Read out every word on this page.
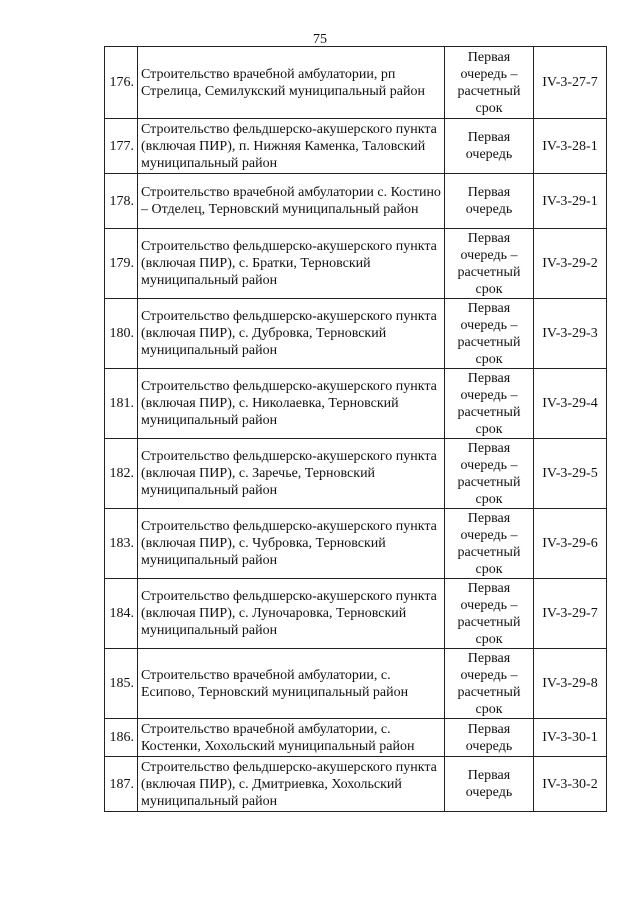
75
176.	Строительство врачебной амбулатории, рп Стрелица, Семилукский муниципальный район	Первая очередь – расчетный срок	IV-3-27-7
177.	Строительство фельдшерско-акушерского пункта (включая ПИР), п. Нижняя Каменка, Таловский муниципальный район	Первая очередь	IV-3-28-1
178.	Строительство врачебной амбулатории с. Костино – Отделец, Терновский муниципальный район	Первая очередь	IV-3-29-1
179.	Строительство фельдшерско-акушерского пункта (включая ПИР), с. Братки, Терновский муниципальный район	Первая очередь – расчетный срок	IV-3-29-2
180.	Строительство фельдшерско-акушерского пункта (включая ПИР), с. Дубровка, Терновский муниципальный район	Первая очередь – расчетный срок	IV-3-29-3
181.	Строительство фельдшерско-акушерского пункта (включая ПИР), с. Николаевка, Терновский муниципальный район	Первая очередь – расчетный срок	IV-3-29-4
182.	Строительство фельдшерско-акушерского пункта (включая ПИР), с. Заречье, Терновский муниципальный район	Первая очередь – расчетный срок	IV-3-29-5
183.	Строительство фельдшерско-акушерского пункта (включая ПИР), с. Чубровка, Терновский муниципальный район	Первая очередь – расчетный срок	IV-3-29-6
184.	Строительство фельдшерско-акушерского пункта (включая ПИР), с. Луночаровка, Терновский муниципальный район	Первая очередь – расчетный срок	IV-3-29-7
185.	Строительство врачебной амбулатории, с. Есипово, Терновский муниципальный район	Первая очередь – расчетный срок	IV-3-29-8
186.	Строительство врачебной амбулатории, с. Костенки, Хохольский муниципальный район	Первая очередь	IV-3-30-1
187.	Строительство фельдшерско-акушерского пункта (включая ПИР), с. Дмитриевка, Хохольский муниципальный район	Первая очередь	IV-3-30-2
